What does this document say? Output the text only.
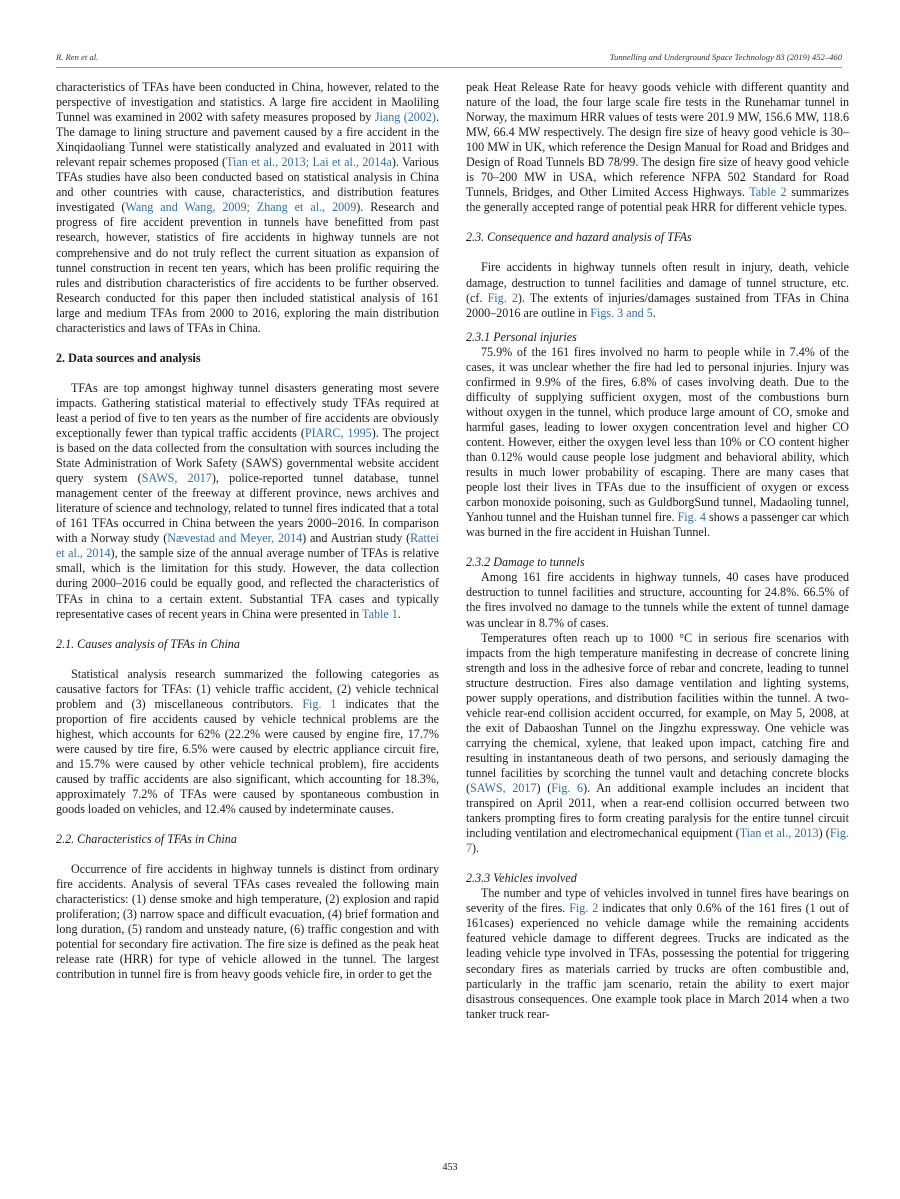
R. Ren et al.	Tunnelling and Underground Space Technology 83 (2019) 452–460

characteristics of TFAs have been conducted in China, however, related to the perspective of investigation and statistics. A large fire accident in Maoliling Tunnel was examined in 2002 with safety measures proposed by Jiang (2002). The damage to lining structure and pavement caused by a fire accident in the Xinqidaoliang Tunnel were statistically analyzed and evaluated in 2011 with relevant repair schemes proposed (Tian et al., 2013; Lai et al., 2014a). Various TFAs studies have also been conducted based on statistical analysis in China and other countries with cause, characteristics, and distribution features investigated (Wang and Wang, 2009; Zhang et al., 2009). Research and progress of fire accident prevention in tunnels have benefitted from past research, however, statistics of fire accidents in highway tunnels are not comprehensive and do not truly reflect the current situation as expansion of tunnel construction in recent ten years, which has been prolific requiring the rules and distribution characteristics of fire accidents to be further observed. Research conducted for this paper then included statistical analysis of 161 large and medium TFAs from 2000 to 2016, exploring the main distribution characteristics and laws of TFAs in China.

2. Data sources and analysis

TFAs are top amongst highway tunnel disasters generating most severe impacts. Gathering statistical material to effectively study TFAs required at least a period of five to ten years as the number of fire accidents are obviously exceptionally fewer than typical traffic accidents (PIARC, 1995). The project is based on the data collected from the consultation with sources including the State Administration of Work Safety (SAWS) governmental website accident query system (SAWS, 2017), police-reported tunnel database, tunnel management center of the freeway at different province, news archives and literature of science and technology, related to tunnel fires indicated that a total of 161 TFAs occurred in China between the years 2000–2016. In comparison with a Norway study (Nævestad and Meyer, 2014) and Austrian study (Rattei et al., 2014), the sample size of the annual average number of TFAs is relative small, which is the limitation for this study. However, the data collection during 2000–2016 could be equally good, and reflected the characteristics of TFAs in china to a certain extent. Substantial TFA cases and typically representative cases of recent years in China were presented in Table 1.

2.1. Causes analysis of TFAs in China

Statistical analysis research summarized the following categories as causative factors for TFAs: (1) vehicle traffic accident, (2) vehicle technical problem and (3) miscellaneous contributors. Fig. 1 indicates that the proportion of fire accidents caused by vehicle technical problems are the highest, which accounts for 62% (22.2% were caused by engine fire, 17.7% were caused by tire fire, 6.5% were caused by electric appliance circuit fire, and 15.7% were caused by other vehicle technical problem), fire accidents caused by traffic accidents are also significant, which accounting for 18.3%, approximately 7.2% of TFAs were caused by spontaneous combustion in goods loaded on vehicles, and 12.4% caused by indeterminate causes.

2.2. Characteristics of TFAs in China

Occurrence of fire accidents in highway tunnels is distinct from ordinary fire accidents. Analysis of several TFAs cases revealed the following main characteristics: (1) dense smoke and high temperature, (2) explosion and rapid proliferation; (3) narrow space and difficult evacuation, (4) brief formation and long duration, (5) random and unsteady nature, (6) traffic congestion and with potential for secondary fire activation. The fire size is defined as the peak heat release rate (HRR) for type of vehicle allowed in the tunnel. The largest contribution in tunnel fire is from heavy goods vehicle fire, in order to get the

peak Heat Release Rate for heavy goods vehicle with different quantity and nature of the load, the four large scale fire tests in the Runehamar tunnel in Norway, the maximum HRR values of tests were 201.9 MW, 156.6 MW, 118.6 MW, 66.4 MW respectively. The design fire size of heavy good vehicle is 30–100 MW in UK, which reference the Design Manual for Road and Bridges and Design of Road Tunnels BD 78/99. The design fire size of heavy good vehicle is 70–200 MW in USA, which reference NFPA 502 Standard for Road Tunnels, Bridges, and Other Limited Access Highways. Table 2 summarizes the generally accepted range of potential peak HRR for different vehicle types.

2.3. Consequence and hazard analysis of TFAs

Fire accidents in highway tunnels often result in injury, death, vehicle damage, destruction to tunnel facilities and damage of tunnel structure, etc. (cf. Fig. 2). The extents of injuries/damages sustained from TFAs in China 2000–2016 are outline in Figs. 3 and 5.

2.3.1 Personal injuries

75.9% of the 161 fires involved no harm to people while in 7.4% of the cases, it was unclear whether the fire had led to personal injuries. Injury was confirmed in 9.9% of the fires, 6.8% of cases involving death. Due to the difficulty of supplying sufficient oxygen, most of the combustions burn without oxygen in the tunnel, which produce large amount of CO, smoke and harmful gases, leading to lower oxygen concentration level and higher CO content. However, either the oxygen level less than 10% or CO content higher than 0.12% would cause people lose judgment and behavioral ability, which results in much lower probability of escaping. There are many cases that people lost their lives in TFAs due to the insufficient of oxygen or excess carbon monoxide poisoning, such as GuldborgSund tunnel, Madaoling tunnel, Yanhou tunnel and the Huishan tunnel fire. Fig. 4 shows a passenger car which was burned in the fire accident in Huishan Tunnel.

2.3.2 Damage to tunnels

Among 161 fire accidents in highway tunnels, 40 cases have produced destruction to tunnel facilities and structure, accounting for 24.8%. 66.5% of the fires involved no damage to the tunnels while the extent of tunnel damage was unclear in 8.7% of cases.

Temperatures often reach up to 1000 °C in serious fire scenarios with impacts from the high temperature manifesting in decrease of concrete lining strength and loss in the adhesive force of rebar and concrete, leading to tunnel structure destruction. Fires also damage ventilation and lighting systems, power supply operations, and distribution facilities within the tunnel. A two-vehicle rear-end collision accident occurred, for example, on May 5, 2008, at the exit of Dabaoshan Tunnel on the Jingzhu expressway. One vehicle was carrying the chemical, xylene, that leaked upon impact, catching fire and resulting in instantaneous death of two persons, and seriously damaging the tunnel facilities by scorching the tunnel vault and detaching concrete blocks (SAWS, 2017) (Fig. 6). An additional example includes an incident that transpired on April 2011, when a rear-end collision occurred between two tankers prompting fires to form creating paralysis for the entire tunnel circuit including ventilation and electromechanical equipment (Tian et al., 2013) (Fig. 7).

2.3.3 Vehicles involved

The number and type of vehicles involved in tunnel fires have bearings on severity of the fires. Fig. 2 indicates that only 0.6% of the 161 fires (1 out of 161cases) experienced no vehicle damage while the remaining accidents featured vehicle damage to different degrees. Trucks are indicated as the leading vehicle type involved in TFAs, possessing the potential for triggering secondary fires as materials carried by trucks are often combustible and, particularly in the traffic jam scenario, retain the ability to exert major disastrous consequences. One example took place in March 2014 when a two tanker truck rear-

453
